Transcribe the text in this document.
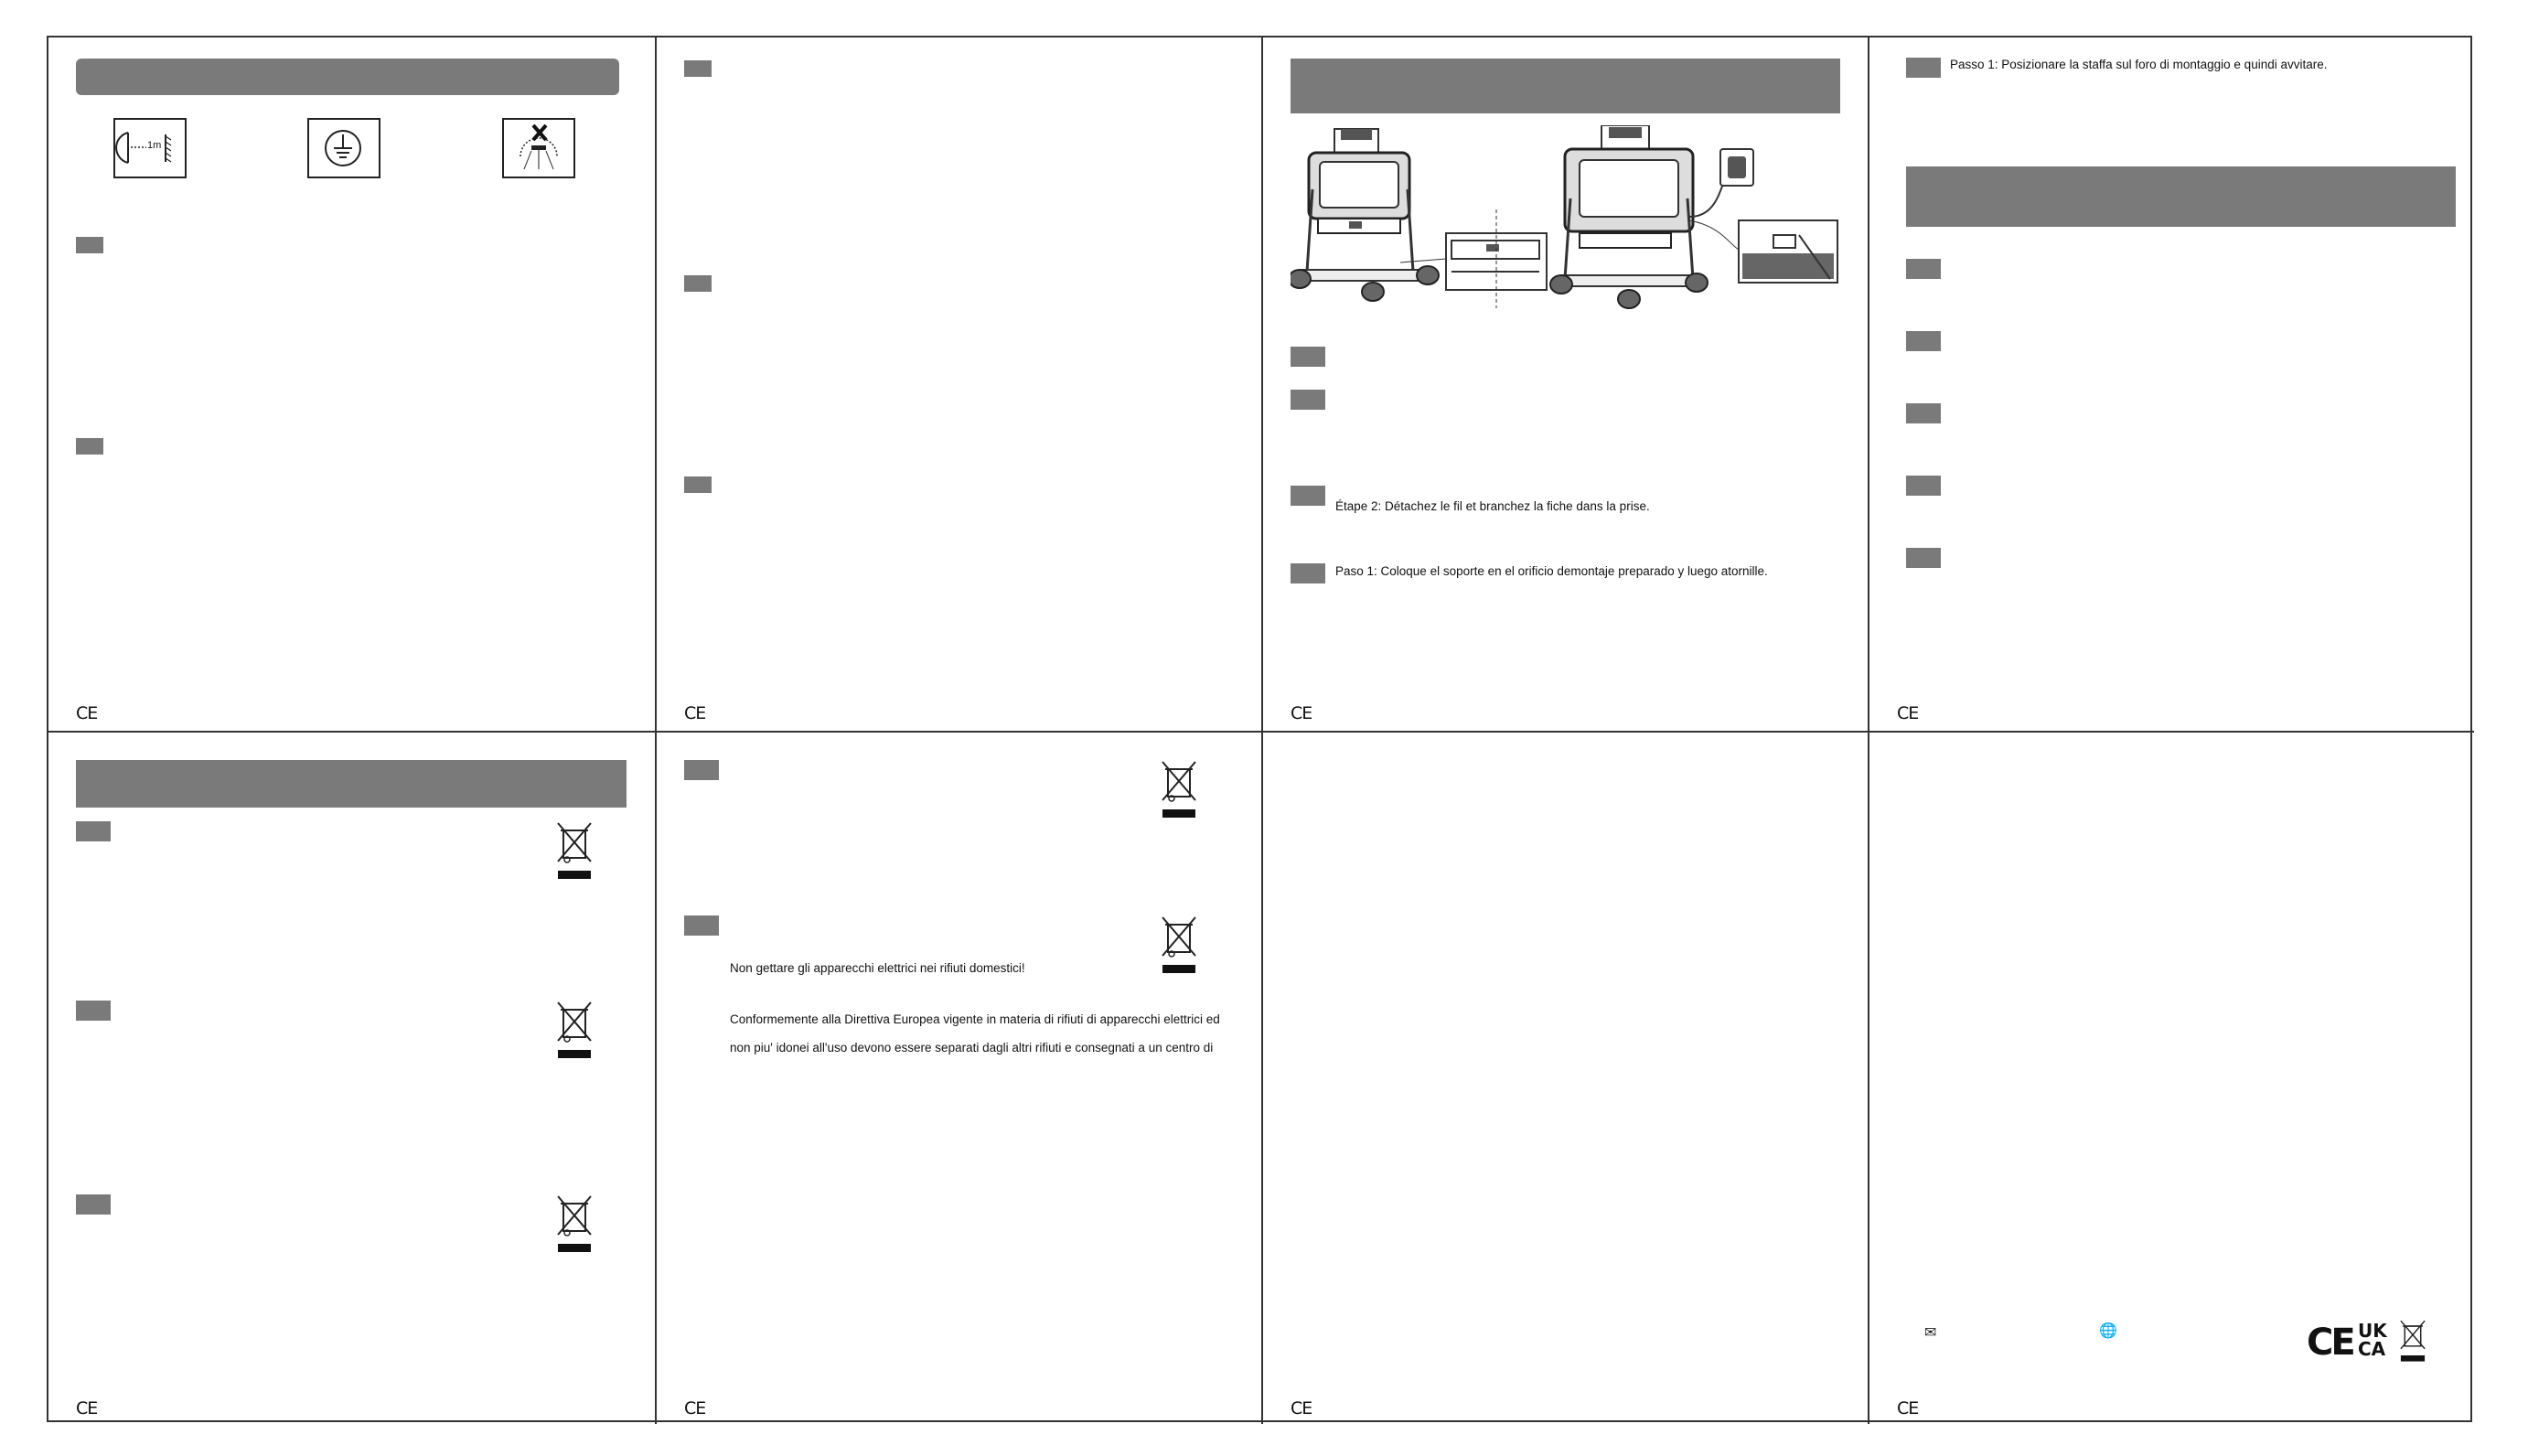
1m
CE	CE
Étape 2: Détachez le fil et branchez la fiche dans la prise.
Paso 1: Coloque el soporte en el orificio demontaje preparado y luego atornille.
CE
Passo 1: Posizionare la staffa sul foro di montaggio e quindi avvitare.
CE
CE
Non gettare gli apparecchi elettrici nei rifiuti domestici!
Conformemente alla Direttiva Europea vigente in materia di rifiuti di apparecchi elettrici ed
non piu' idonei all'uso devono essere separati dagli altri rifiuti e consegnati a un centro di
CE	CE
✉	🌐	CE UK
CA
CE
